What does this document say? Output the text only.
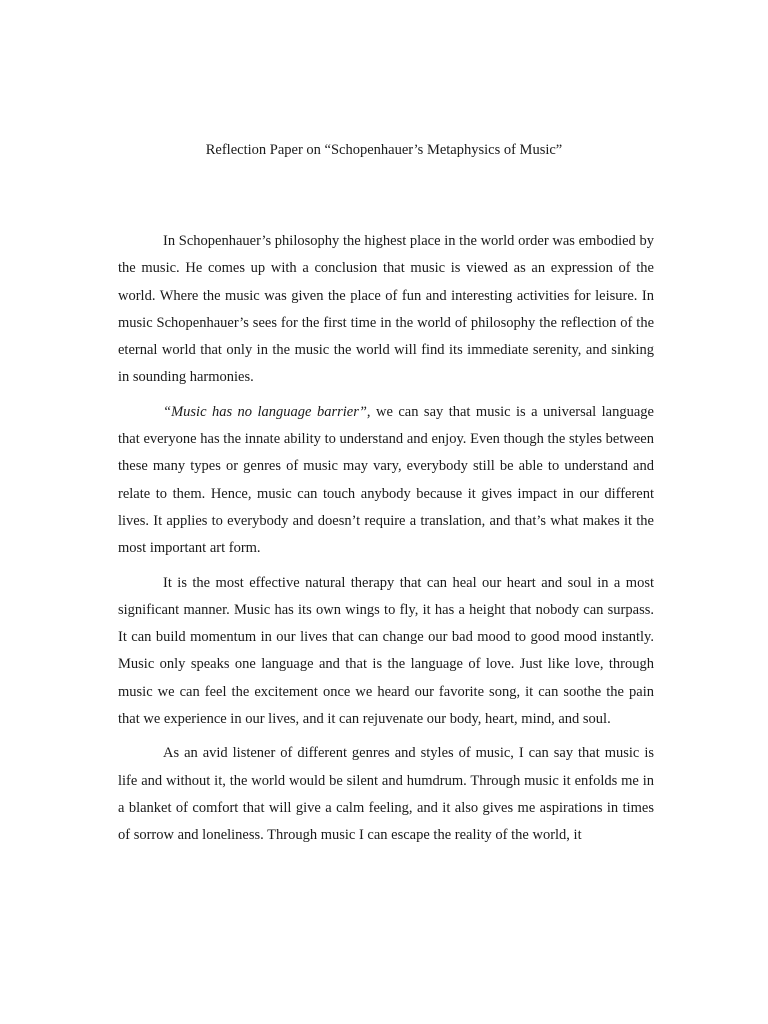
Reflection Paper on “Schopenhauer’s Metaphysics of Music”

In Schopenhauer’s philosophy the highest place in the world order was embodied by the music. He comes up with a conclusion that music is viewed as an expression of the world. Where the music was given the place of fun and interesting activities for leisure. In music Schopenhauer’s sees for the first time in the world of philosophy the reflection of the eternal world that only in the music the world will find its immediate serenity, and sinking in sounding harmonies.

“Music has no language barrier”, we can say that music is a universal language that everyone has the innate ability to understand and enjoy. Even though the styles between these many types or genres of music may vary, everybody still be able to understand and relate to them. Hence, music can touch anybody because it gives impact in our different lives. It applies to everybody and doesn’t require a translation, and that’s what makes it the most important art form.

It is the most effective natural therapy that can heal our heart and soul in a most significant manner. Music has its own wings to fly, it has a height that nobody can surpass. It can build momentum in our lives that can change our bad mood to good mood instantly. Music only speaks one language and that is the language of love. Just like love, through music we can feel the excitement once we heard our favorite song, it can soothe the pain that we experience in our lives, and it can rejuvenate our body, heart, mind, and soul.

As an avid listener of different genres and styles of music, I can say that music is life and without it, the world would be silent and humdrum. Through music it enfolds me in a blanket of comfort that will give a calm feeling, and it also gives me aspirations in times of sorrow and loneliness. Through music I can escape the reality of the world, it
